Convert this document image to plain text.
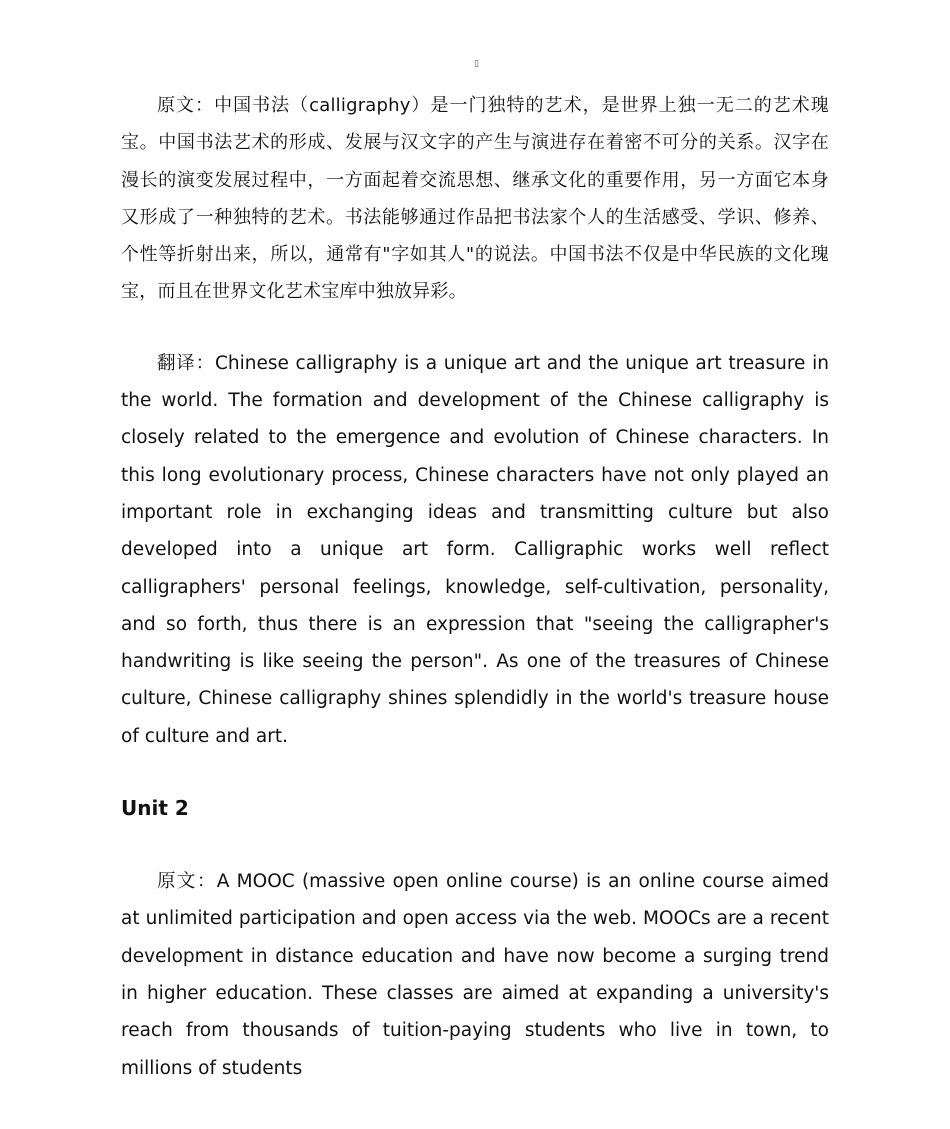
▯

原文：中国书法（calligraphy）是一门独特的艺术，是世界上独一无二的艺术瑰宝。中国书法艺术的形成、发展与汉文字的产生与演进存在着密不可分的关系。汉字在漫长的演变发展过程中，一方面起着交流思想、继承文化的重要作用，另一方面它本身又形成了一种独特的艺术。书法能够通过作品把书法家个人的生活感受、学识、修养、个性等折射出来，所以，通常有"字如其人"的说法。中国书法不仅是中华民族的文化瑰宝，而且在世界文化艺术宝库中独放异彩。

翻译：Chinese calligraphy is a unique art and the unique art treasure in the world. The formation and development of the Chinese calligraphy is closely related to the emergence and evolution of Chinese characters. In this long evolutionary process, Chinese characters have not only played an important role in exchanging ideas and transmitting culture but also developed into a unique art form. Calligraphic works well reflect calligraphers' personal feelings, knowledge, self-cultivation, personality, and so forth, thus there is an expression that "seeing the calligrapher's handwriting is like seeing the person". As one of the treasures of Chinese culture, Chinese calligraphy shines splendidly in the world's treasure house of culture and art.

Unit 2

原文：A MOOC (massive open online course) is an online course aimed at unlimited participation and open access via the web. MOOCs are a recent development in distance education and have now become a surging trend in higher education. These classes are aimed at expanding a university's reach from thousands of tuition-paying students who live in town, to millions of students
